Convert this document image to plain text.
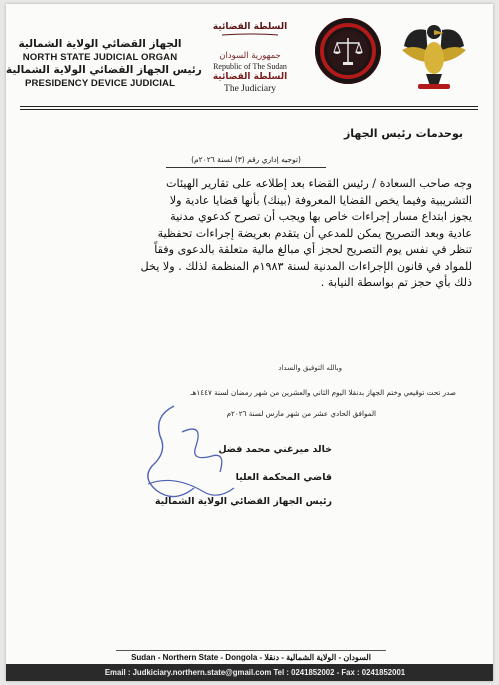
الجهاز القضائي الولاية الشمالية
NORTH STATE JUDICIAL ORGAN
رئيس الجهاز القضائي الولاية الشمالية
PRESIDENCY DEVICE JUDICIAL
السلطة القضائية
جمهورية السودان
Republic of The Sudan
السلطة القضائية
The Judiciary
بوحدمات رئيس الجهاز
(توجيه إداري رقم (٣) لسنة ٢٠٢٦م)
وجه صاحب السعادة / رئيس القضاء بعد إطلاعه على تقارير الهيئات
التشريبية وفيما يخص القضايا المعروفة (بينك) بأنها قضايا عادية ولا
يجوز ابتداع مسار إجراءات خاص بها ويجب أن تصرح كدعوي مدنية
عادية وبعد التصريح يمكن للمدعي أن يتقدم بعريضة إجراءات تحفظية
تنظر في نفس يوم التصريح لحجز أي مبالغ مالية متعلقة بالدعوى وفقاً
للمواد في قانون الإجراءات المدنية لسنة ١٩٨٣م المنظمة لذلك . ولا يخل
ذلك بأي حجز تم بواسطة النيابة .
وبالله التوفيق والسداد
صدر تحت توقيعي وختم الجهاز بدنقلا اليوم الثاني والعشرين من شهر رمضان لسنة ١٤٤٧هـ
الموافق الحادي عشر من شهر مارس لسنة ٢٠٢٦م
خالد ميرغني محمد فضل
قاضي المحكمة العليا
رئيس الجهاز القضائي الولاية الشمالية
Sudan - Northern State - Dongola - السودان - الولاية الشمالية - دنقلا
Email : Judkiciary.northern.state@gmail.com Tel : 0241852002 - Fax : 0241852001
